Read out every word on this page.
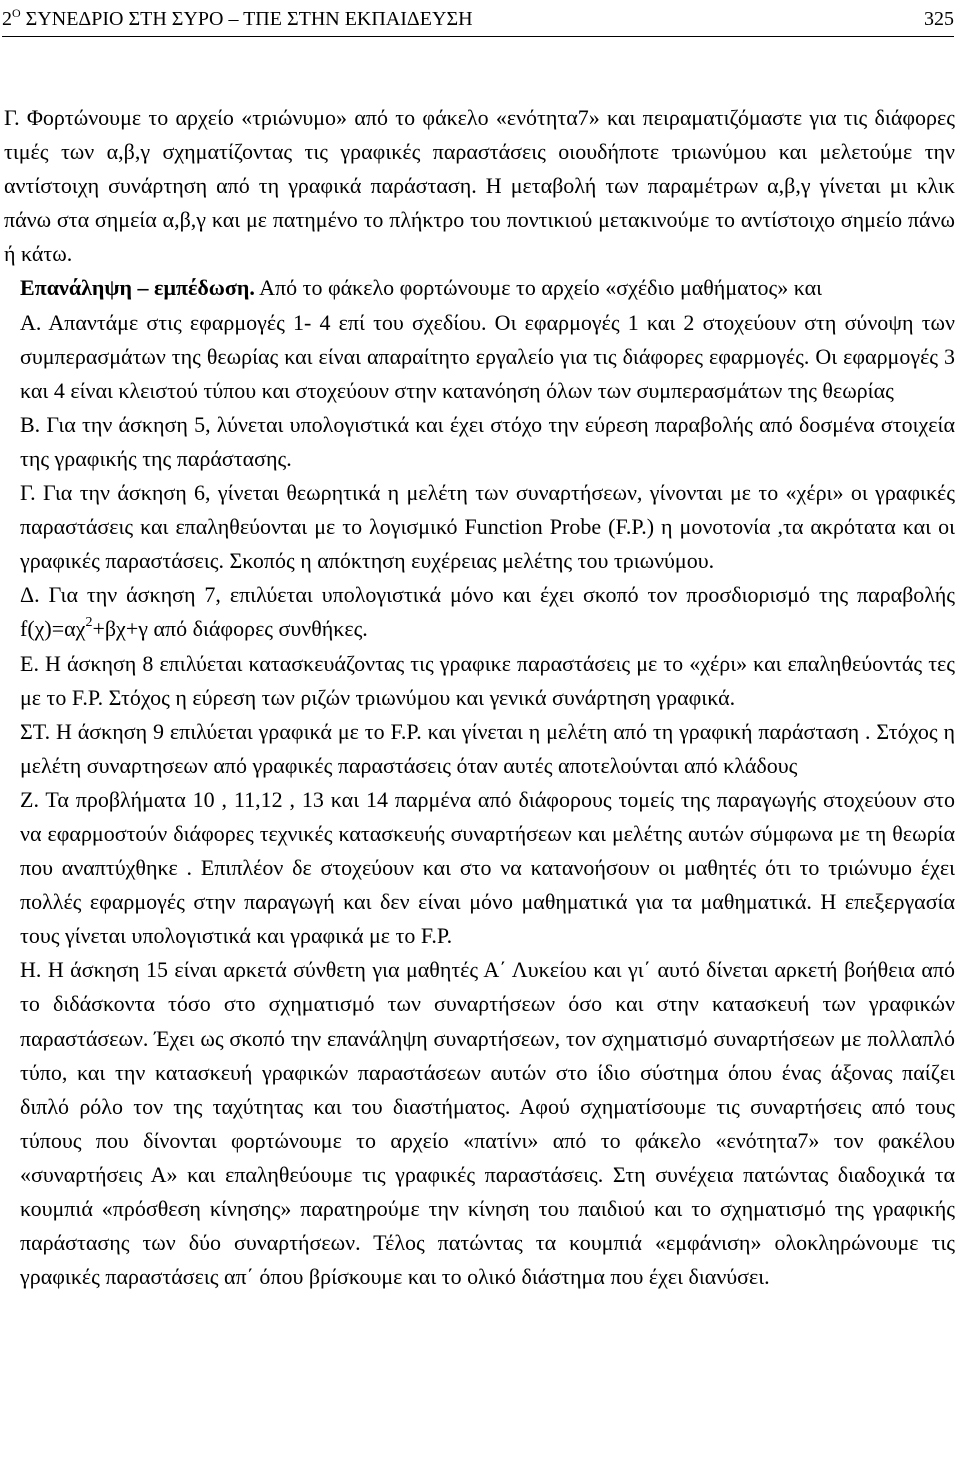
$2^O$ ΣΥΝΕΔΡΙΟ ΣΤΗ ΣΥΡΟ – ΤΠΕ ΣΤΗΝ ΕΚΠΑΙΔΕΥΣΗ	325

Γ. Φορτώνουμε το αρχείο «τριώνυμο» από το φάκελο «ενότητα7» και πειραματιζόμαστε για τις διάφορες τιμές των α,β,γ σχηματίζοντας τις γραφικές παραστάσεις οιουδήποτε τριωνύμου και μελετούμε την αντίστοιχη συνάρτηση από τη γραφικά παράσταση. Η μεταβολή των παραμέτρων α,β,γ γίνεται μι κλικ πάνω στα σημεία α,β,γ και με πατημένο το πλήκτρο του ποντικιού μετακινούμε το αντίστοιχο σημείο πάνω ή κάτω.

Επανάληψη – εμπέδωση. Από το φάκελο φορτώνουμε το αρχείο «σχέδιο μαθήματος» και

Α. Απαντάμε στις εφαρμογές 1- 4 επί του σχεδίου. Οι εφαρμογές 1 και 2 στοχεύουν στη σύνοψη των συμπερασμάτων της θεωρίας και είναι απαραίτητο εργαλείο για τις διάφορες εφαρμογές. Οι εφαρμογές 3 και 4 είναι κλειστού τύπου και στοχεύουν στην κατανόηση όλων των συμπερασμάτων της θεωρίας

Β. Για την άσκηση 5, λύνεται υπολογιστικά και έχει στόχο την εύρεση παραβολής από δοσμένα στοιχεία της γραφικής της παράστασης.

Γ. Για την άσκηση 6, γίνεται θεωρητικά η μελέτη των συναρτήσεων, γίνονται με το «χέρι» οι γραφικές παραστάσεις και επαληθεύονται με το λογισμικό Function Probe (F.P.) η μονοτονία ,τα ακρότατα και οι γραφικές παραστάσεις. Σκοπός η απόκτηση ευχέρειας μελέτης του τριωνύμου.

Δ. Για την άσκηση 7, επιλύεται υπολογιστικά μόνο και έχει σκοπό τον προσδιορισμό της παραβολής $f(\chi)=\alpha\chi^2+\beta\chi+\gamma$ από διάφορες συνθήκες.

Ε. Η άσκηση 8 επιλύεται κατασκευάζοντας τις γραφικε παραστάσεις με το «χέρι» και επαληθεύοντάς τες με το F.P. Στόχος η εύρεση των ριζών τριωνύμου και γενικά συνάρτηση γραφικά.

ΣΤ. Η άσκηση 9 επιλύεται γραφικά με το F.P. και γίνεται η μελέτη από τη γραφική παράσταση . Στόχος η μελέτη συναρτησεων από γραφικές παραστάσεις όταν αυτές αποτελούνται από κλάδους

Ζ. Τα προβλήματα 10 , 11,12 , 13 και 14 παρμένα από διάφορους τομείς της παραγωγής στοχεύουν στο να εφαρμοστούν διάφορες τεχνικές κατασκευής συναρτήσεων και μελέτης αυτών σύμφωνα με τη θεωρία που αναπτύχθηκε . Επιπλέον δε στοχεύουν και στο να κατανοήσουν οι μαθητές ότι το τριώνυμο έχει πολλές εφαρμογές στην παραγωγή και δεν είναι μόνο μαθηματικά για τα μαθηματικά. Η επεξεργασία τους γίνεται υπολογιστικά και γραφικά με το F.P.

Η. Η άσκηση 15 είναι αρκετά σύνθετη για μαθητές Α΄ Λυκείου και γι΄ αυτό δίνεται αρκετή βοήθεια από το διδάσκοντα τόσο στο σχηματισμό των συναρτήσεων όσο και στην κατασκευή των γραφικών παραστάσεων. Έχει ως σκοπό την επανάληψη συναρτήσεων, τον σχηματισμό συναρτήσεων με πολλαπλό τύπο, και την κατασκευή γραφικών παραστάσεων αυτών στο ίδιο σύστημα όπου ένας άξονας παίζει διπλό ρόλο τον της ταχύτητας και του διαστήματος. Αφού σχηματίσουμε τις συναρτήσεις από τους τύπους που δίνονται φορτώνουμε το αρχείο «πατίνι» από το φάκελο «ενότητα7» τον φακέλου «συναρτήσεις Α» και επαληθεύουμε τις γραφικές παραστάσεις. Στη συνέχεια πατώντας διαδοχικά τα κουμπιά «πρόσθεση κίνησης» παρατηρούμε την κίνηση του παιδιού και το σχηματισμό της γραφικής παράστασης των δύο συναρτήσεων. Τέλος πατώντας τα κουμπιά «εμφάνιση» ολοκληρώνουμε τις γραφικές παραστάσεις απ΄ όπου βρίσκουμε και το ολικό διάστημα που έχει διανύσει.
